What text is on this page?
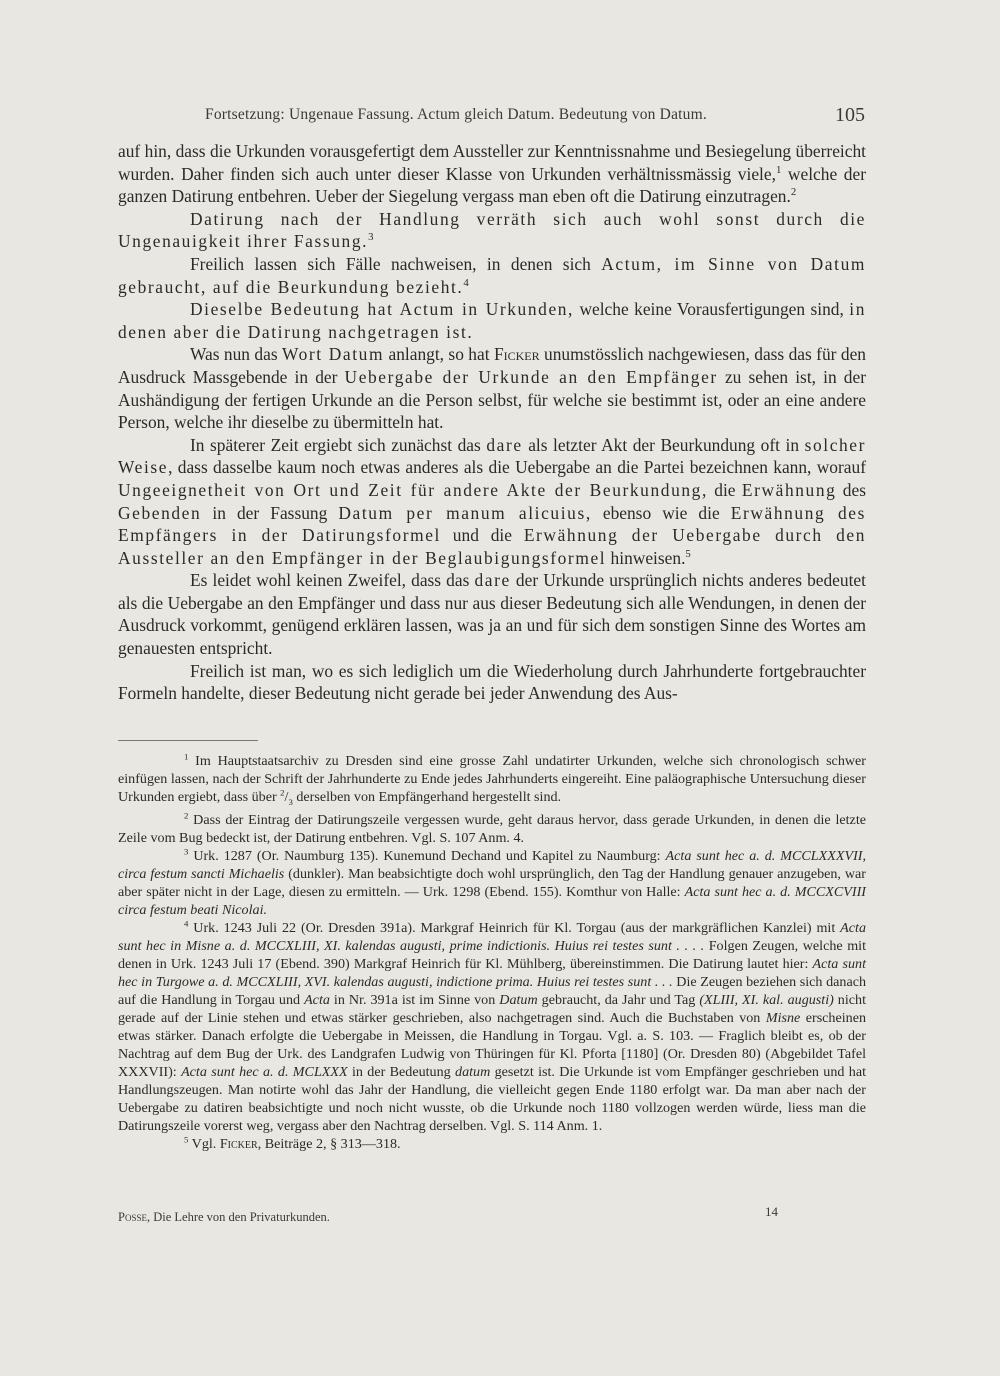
Fortsetzung: Ungenaue Fassung. Actum gleich Datum. Bedeutung von Datum.	105

auf hin, dass die Urkunden vorausgefertigt dem Aussteller zur Kenntnissnahme und Besiegelung überreicht wurden. Daher finden sich auch unter dieser Klasse von Urkunden verhältnissmässig viele,$^1$ welche der ganzen Datirung entbehren. Ueber der Siegelung vergass man eben oft die Datirung einzutragen.$^2$

Datirung nach der Handlung verräth sich auch wohl sonst durch die Ungenauigkeit ihrer Fassung.$^3$

Freilich lassen sich Fälle nachweisen, in denen sich Actum, im Sinne von Datum gebraucht, auf die Beurkundung bezieht.$^4$

Dieselbe Bedeutung hat Actum in Urkunden, welche keine Vorausfertigungen sind, in denen aber die Datirung nachgetragen ist.

Was nun das Wort Datum anlangt, so hat Ficker unumstösslich nachgewiesen, dass das für den Ausdruck Massgebende in der Uebergabe der Urkunde an den Empfänger zu sehen ist, in der Aushändigung der fertigen Urkunde an die Person selbst, für welche sie bestimmt ist, oder an eine andere Person, welche ihr dieselbe zu übermitteln hat.

In späterer Zeit ergiebt sich zunächst das dare als letzter Akt der Beurkundung oft in solcher Weise, dass dasselbe kaum noch etwas anderes als die Uebergabe an die Partei bezeichnen kann, worauf Ungeeignetheit von Ort und Zeit für andere Akte der Beurkundung, die Erwähnung des Gebenden in der Fassung Datum per manum alicuius, ebenso wie die Erwähnung des Empfängers in der Datirungsformel und die Erwähnung der Uebergabe durch den Aussteller an den Empfänger in der Beglaubigungsformel hinweisen.$^5$

Es leidet wohl keinen Zweifel, dass das dare der Urkunde ursprünglich nichts anderes bedeutet als die Uebergabe an den Empfänger und dass nur aus dieser Bedeutung sich alle Wendungen, in denen der Ausdruck vorkommt, genügend erklären lassen, was ja an und für sich dem sonstigen Sinne des Wortes am genauesten entspricht.

Freilich ist man, wo es sich lediglich um die Wiederholung durch Jahrhunderte fortgebrauchter Formeln handelte, dieser Bedeutung nicht gerade bei jeder Anwendung des Aus-

$^1$ Im Hauptstaatsarchiv zu Dresden sind eine grosse Zahl undatirter Urkunden, welche sich chronologisch schwer einfügen lassen, nach der Schrift der Jahrhunderte zu Ende jedes Jahrhunderts eingereiht. Eine paläographische Untersuchung dieser Urkunden ergiebt, dass über $^2/_3$ derselben von Empfängerhand hergestellt sind.

$^2$ Dass der Eintrag der Datirungszeile vergessen wurde, geht daraus hervor, dass gerade Urkunden, in denen die letzte Zeile vom Bug bedeckt ist, der Datirung entbehren. Vgl. S. 107 Anm. 4.

$^3$ Urk. 1287 (Or. Naumburg 135). Kunemund Dechand und Kapitel zu Naumburg: Acta sunt hec a. d. MCCLXXXVII, circa festum sancti Michaelis (dunkler). Man beabsichtigte doch wohl ursprünglich, den Tag der Handlung genauer anzugeben, war aber später nicht in der Lage, diesen zu ermitteln. — Urk. 1298 (Ebend. 155). Komthur von Halle: Acta sunt hec a. d. MCCXCVIII circa festum beati Nicolai.

$^4$ Urk. 1243 Juli 22 (Or. Dresden 391a). Markgraf Heinrich für Kl. Torgau (aus der markgräflichen Kanzlei) mit Acta sunt hec in Misne a. d. MCCXLIII, XI. kalendas augusti, prime indictionis. Huius rei testes sunt . . . . Folgen Zeugen, welche mit denen in Urk. 1243 Juli 17 (Ebend. 390) Markgraf Heinrich für Kl. Mühlberg, übereinstimmen. Die Datirung lautet hier: Acta sunt hec in Turgowe a. d. MCCXLIII, XVI. kalendas augusti, indictione prima. Huius rei testes sunt . . . Die Zeugen beziehen sich danach auf die Handlung in Torgau und Acta in Nr. 391a ist im Sinne von Datum gebraucht, da Jahr und Tag (XLIII, XI. kal. augusti) nicht gerade auf der Linie stehen und etwas stärker geschrieben, also nachgetragen sind. Auch die Buchstaben von Misne erscheinen etwas stärker. Danach erfolgte die Uebergabe in Meissen, die Handlung in Torgau. Vgl. a. S. 103. — Fraglich bleibt es, ob der Nachtrag auf dem Bug der Urk. des Landgrafen Ludwig von Thüringen für Kl. Pforta [1180] (Or. Dresden 80) (Abgebildet Tafel XXXVII): Acta sunt hec a. d. MCLXXX in der Bedeutung datum gesetzt ist. Die Urkunde ist vom Empfänger geschrieben und hat Handlungszeugen. Man notirte wohl das Jahr der Handlung, die vielleicht gegen Ende 1180 erfolgt war. Da man aber nach der Uebergabe zu datiren beabsichtigte und noch nicht wusste, ob die Urkunde noch 1180 vollzogen werden würde, liess man die Datirungszeile vorerst weg, vergass aber den Nachtrag derselben. Vgl. S. 114 Anm. 1.

$^5$ Vgl. Ficker, Beiträge 2, § 313—318.

Posse, Die Lehre von den Privaturkunden.	14
